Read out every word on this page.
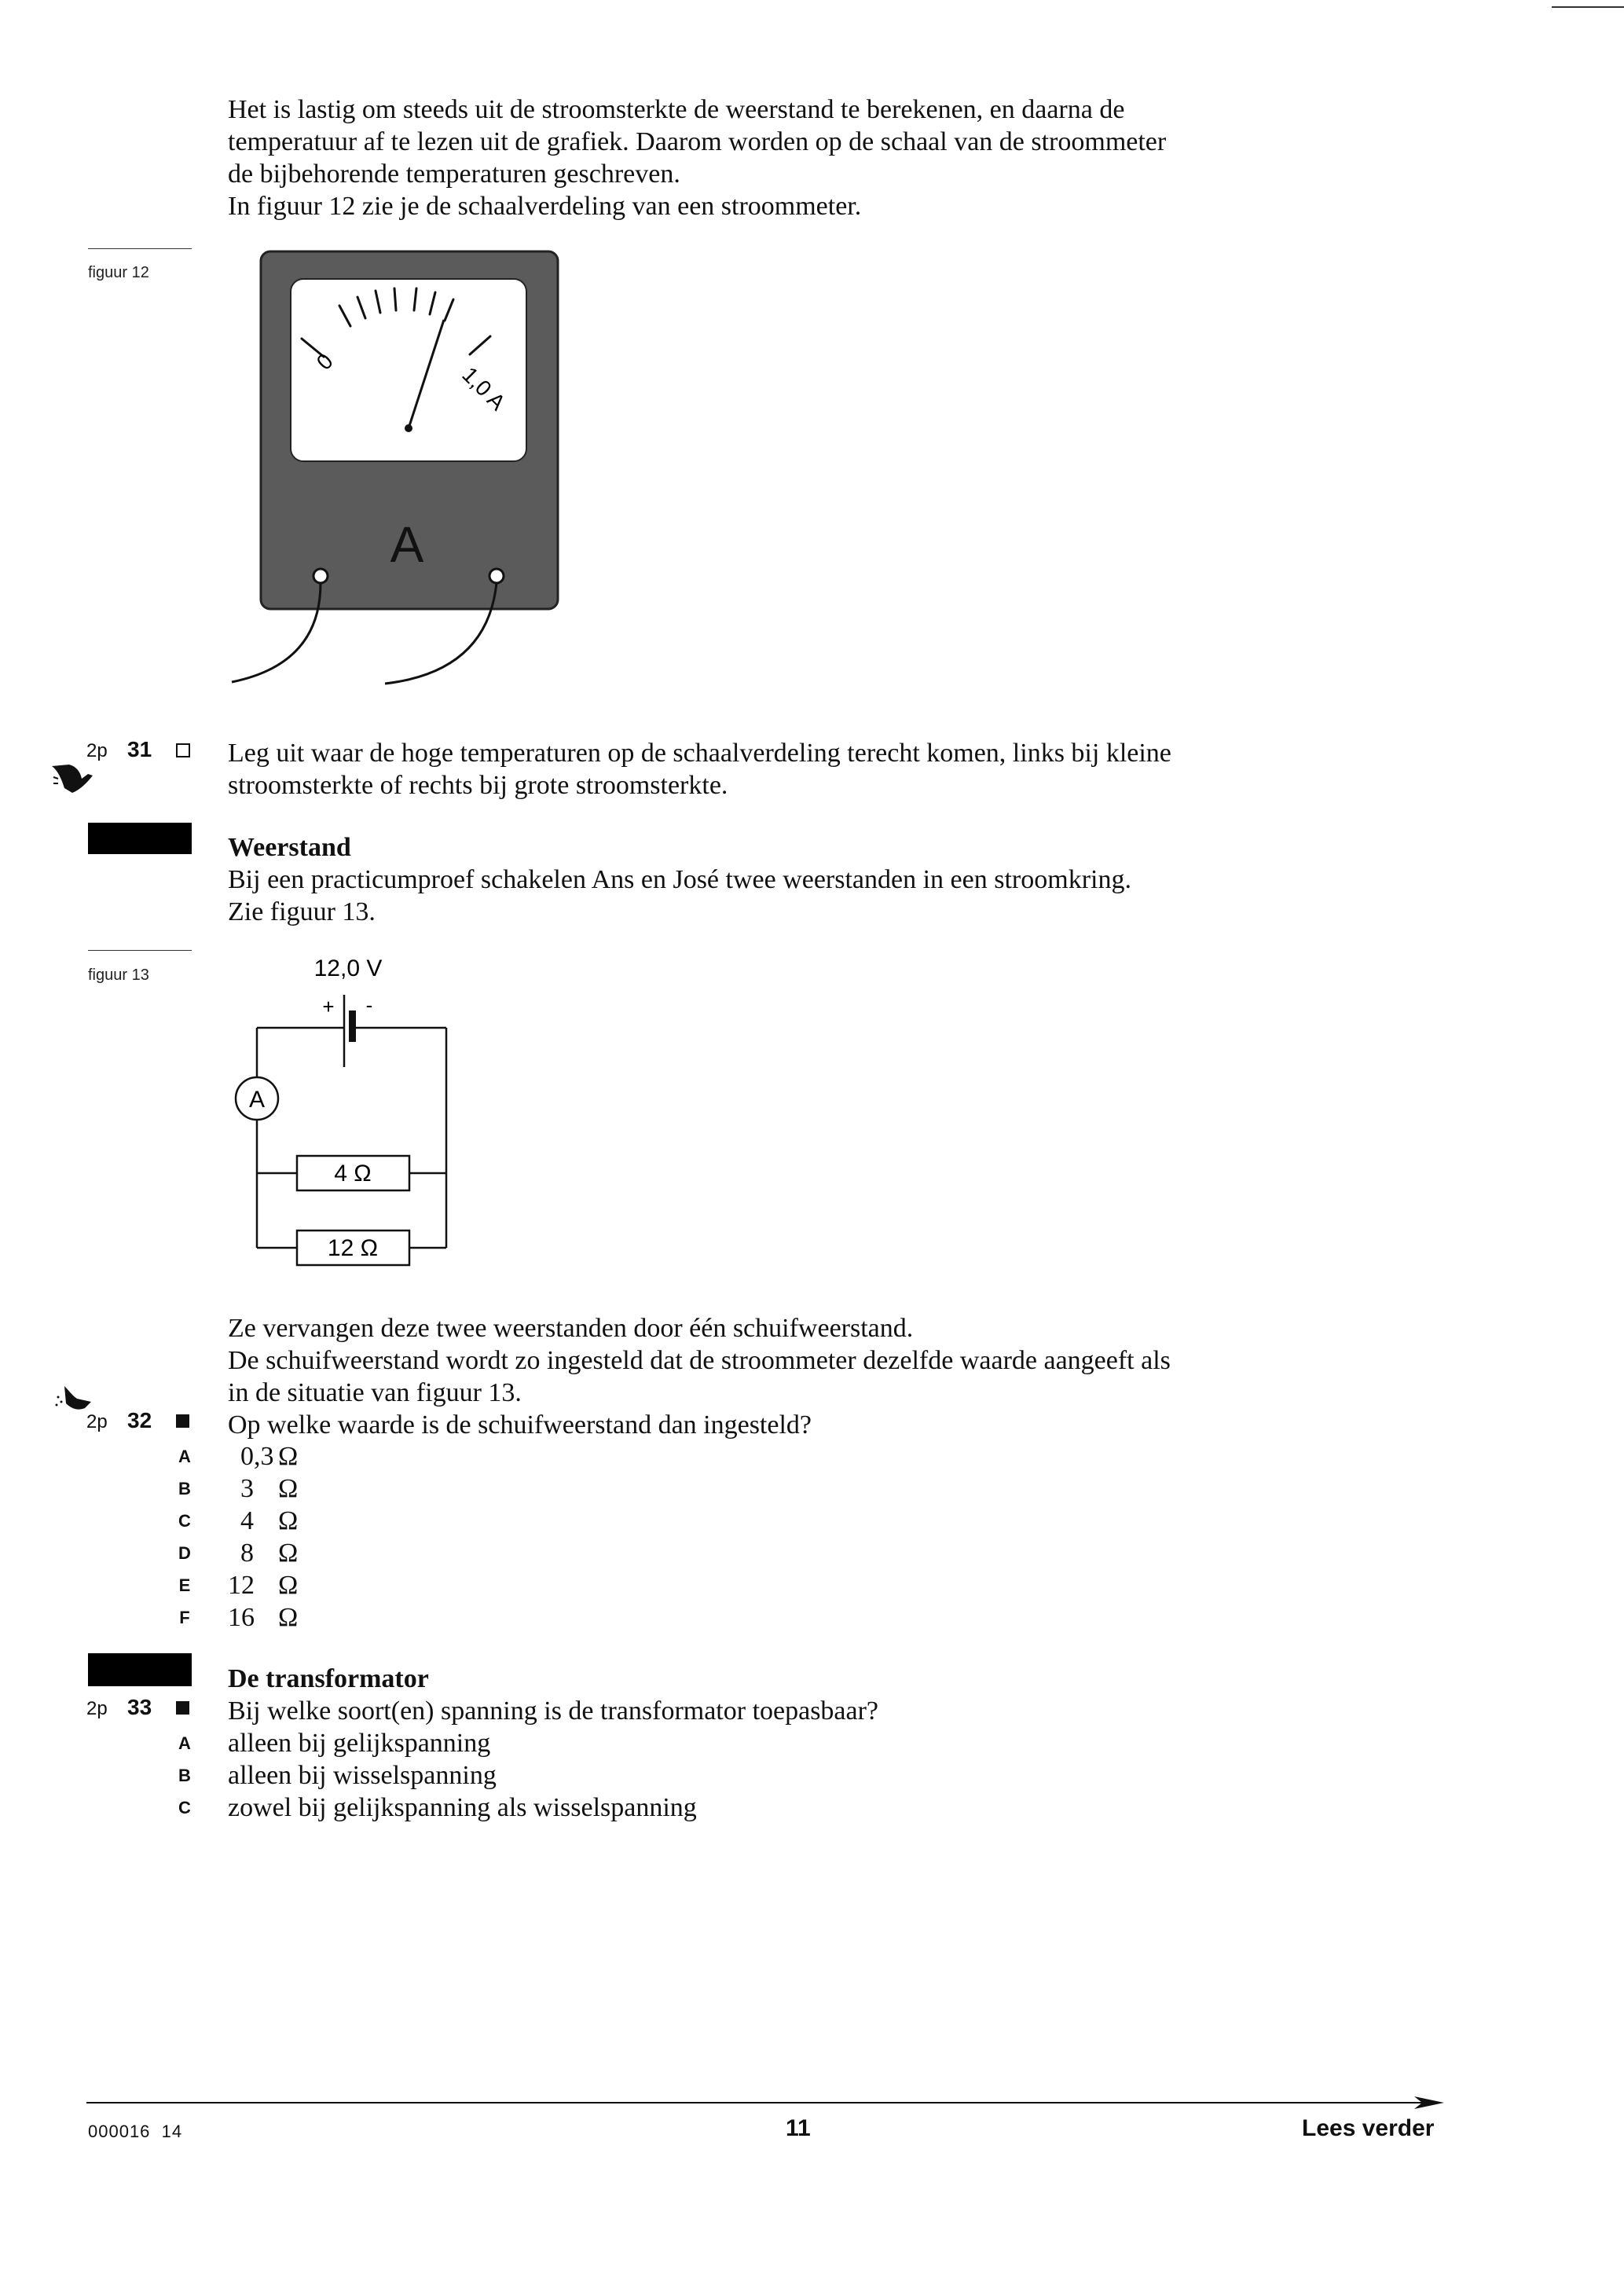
Het is lastig om steeds uit de stroomsterkte de weerstand te berekenen, en daarna de
temperatuur af te lezen uit de grafiek. Daarom worden op de schaal van de stroommeter
de bijbehorende temperaturen geschreven.
In figuur 12 zie je de schaalverdeling van een stroommeter.
figuur 12
0
1,0 A
A
2p 31	Leg uit waar de hoge temperaturen op de schaalverdeling terecht komen, links bij kleine
stroomsterkte of rechts bij grote stroomsterkte.
Weerstand
Bij een practicumproef schakelen Ans en José twee weerstanden in een stroomkring.
Zie figuur 13.
figuur 13	12,0 V
+ -
A
4 Ω
12 Ω
Ze vervangen deze twee weerstanden door één schuifweerstand.
De schuifweerstand wordt zo ingesteld dat de stroommeter dezelfde waarde aangeeft als
in de situatie van figuur 13.
Op welke waarde is de schuifweerstand dan ingesteld?
2p 32
A 0,3 Ω
B 3 Ω
C 4 Ω
D 8 Ω
E 12 Ω
F 16 Ω
De transformator
2p 33	Bij welke soort(en) spanning is de transformator toepasbaar?
A alleen bij gelijkspanning
B alleen bij wisselspanning
C zowel bij gelijkspanning als wisselspanning
000016  14	11	Lees verder
